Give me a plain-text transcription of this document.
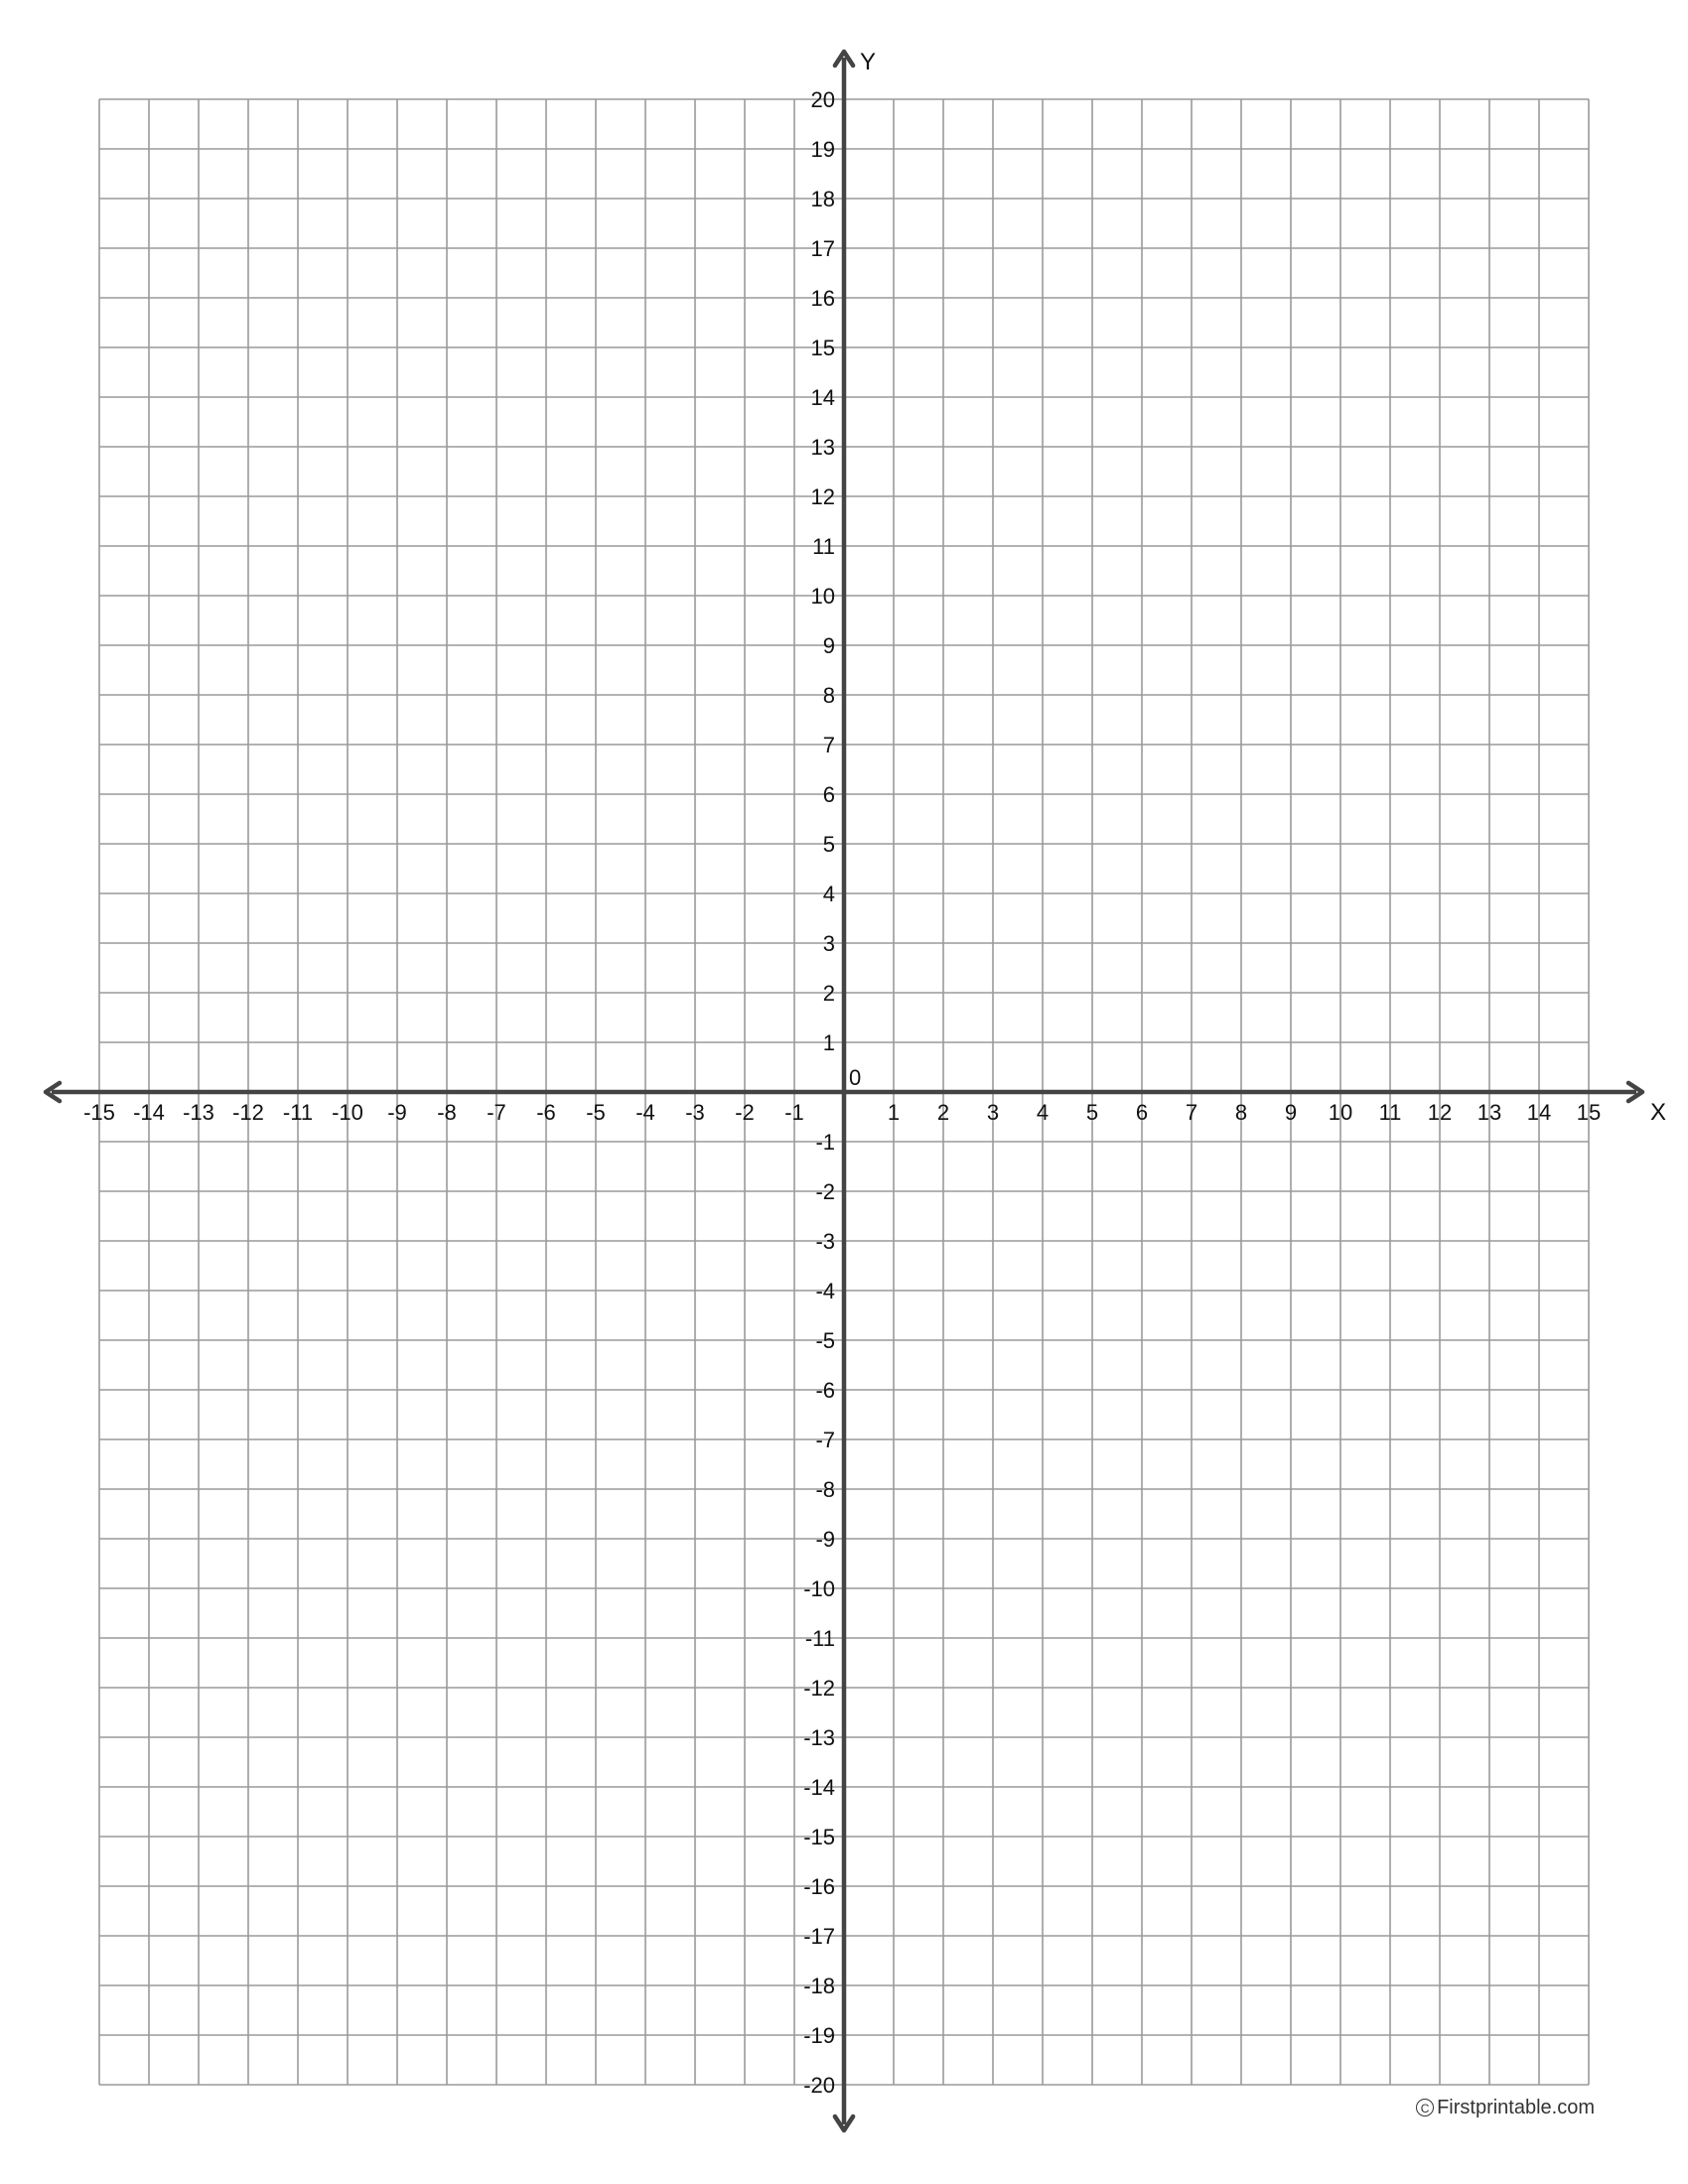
-15 -14 -13 -12 -11 -10 -9 -8 -7 -6 -5 -4 -3 -2 -1	1 2 3 4 5 6 7 8 9 10 11 12 13 14 15
20
19
18
17
16
15
14
13
12
11
10
9
8
7
6
5
4
3
2
1
-1
-2
-3
-4
-5
-6
-7
-8
-9
-10
-11
-12
-13
-14
-15
-16
-17
-18
-19
-20
0
X
Y
C Firstprintable.com
